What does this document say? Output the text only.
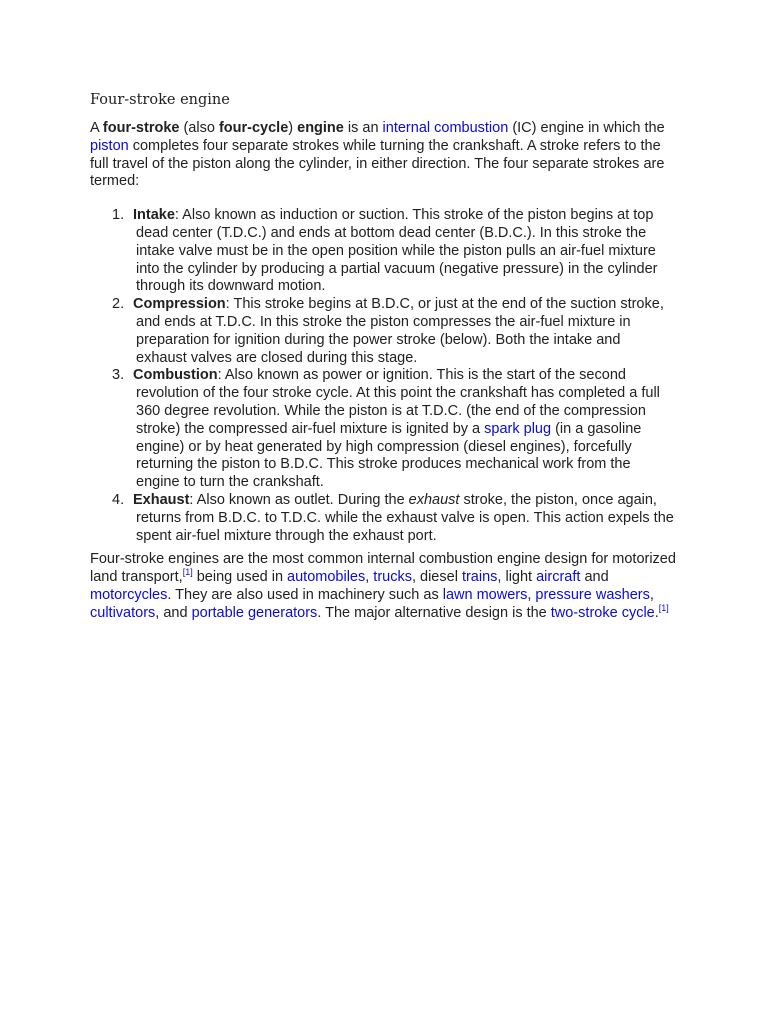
Four-stroke engine

A four-stroke (also four-cycle) engine is an internal combustion (IC) engine in which the piston completes four separate strokes while turning the crankshaft. A stroke refers to the full travel of the piston along the cylinder, in either direction. The four separate strokes are termed:

1. Intake: Also known as induction or suction. This stroke of the piston begins at top dead center (T.D.C.) and ends at bottom dead center (B.D.C.). In this stroke the intake valve must be in the open position while the piston pulls an air-fuel mixture into the cylinder by producing a partial vacuum (negative pressure) in the cylinder through its downward motion.
2. Compression: This stroke begins at B.D.C, or just at the end of the suction stroke, and ends at T.D.C. In this stroke the piston compresses the air-fuel mixture in preparation for ignition during the power stroke (below). Both the intake and exhaust valves are closed during this stage.
3. Combustion: Also known as power or ignition. This is the start of the second revolution of the four stroke cycle. At this point the crankshaft has completed a full 360 degree revolution. While the piston is at T.D.C. (the end of the compression stroke) the compressed air-fuel mixture is ignited by a spark plug (in a gasoline engine) or by heat generated by high compression (diesel engines), forcefully returning the piston to B.D.C. This stroke produces mechanical work from the engine to turn the crankshaft.
4. Exhaust: Also known as outlet. During the exhaust stroke, the piston, once again, returns from B.D.C. to T.D.C. while the exhaust valve is open. This action expels the spent air-fuel mixture through the exhaust port.

Four-stroke engines are the most common internal combustion engine design for motorized land transport,[1] being used in automobiles, trucks, diesel trains, light aircraft and motorcycles. They are also used in machinery such as lawn mowers, pressure washers, cultivators, and portable generators. The major alternative design is the two-stroke cycle.[1]
